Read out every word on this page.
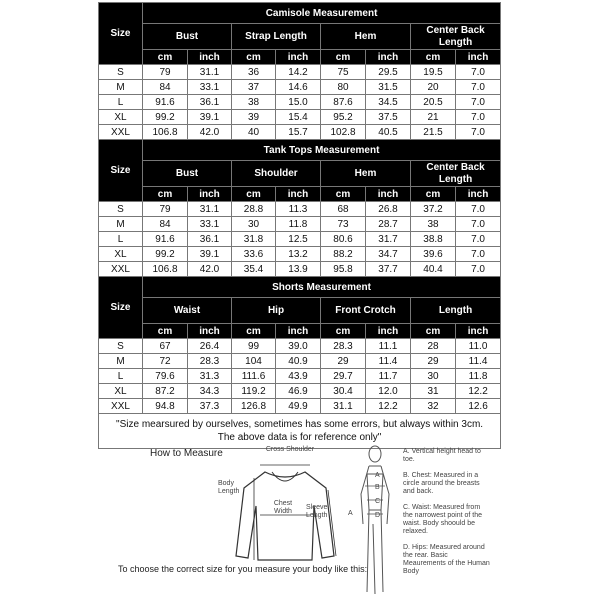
Size	Camisole Measurement							
	Bust		Strap Length		Hem		Center Back Length	
	cm	inch	cm	inch	cm	inch	cm	inch
S	79	31.1	36	14.2	75	29.5	19.5	7.0
M	84	33.1	37	14.6	80	31.5	20	7.0
L	91.6	36.1	38	15.0	87.6	34.5	20.5	7.0
XL	99.2	39.1	39	15.4	95.2	37.5	21	7.0
XXL	106.8	42.0	40	15.7	102.8	40.5	21.5	7.0
Size	Tank Tops Measurement							
	Bust		Shoulder		Hem		Center Back Length	
	cm	inch	cm	inch	cm	inch	cm	inch
S	79	31.1	28.8	11.3	68	26.8	37.2	7.0
M	84	33.1	30	11.8	73	28.7	38	7.0
L	91.6	36.1	31.8	12.5	80.6	31.7	38.8	7.0
XL	99.2	39.1	33.6	13.2	88.2	34.7	39.6	7.0
XXL	106.8	42.0	35.4	13.9	95.8	37.7	40.4	7.0
Size	Shorts Measurement							
	Waist		Hip		Front Crotch		Length	
	cm	inch	cm	inch	cm	inch	cm	inch
S	67	26.4	99	39.0	28.3	11.1	28	11.0
M	72	28.3	104	40.9	29	11.4	29	11.4
L	79.6	31.3	111.6	43.9	29.7	11.7	30	11.8
XL	87.2	34.3	119.2	46.9	30.4	12.0	31	12.2
XXL	94.8	37.3	126.8	49.9	31.1	12.2	32	12.6

"Size mearsured by ourselves, sometimes has some errors, but always within 3cm.
The above data is for reference only"								
How to Measure	Cross Shoulder
Body Length
Chest Width
Sleeve Length	A
A
B
C
D
A. Vertical height head to toe.
B. Chest: Measured in a circle around the breasts and back.
C. Waist: Measured from the narrowest point of the waist. Body shoould be relaxed.
D. Hips: Measured around the rear. Basic Meaurements of the Human Body
To choose the correct size for you measure your body like this:
